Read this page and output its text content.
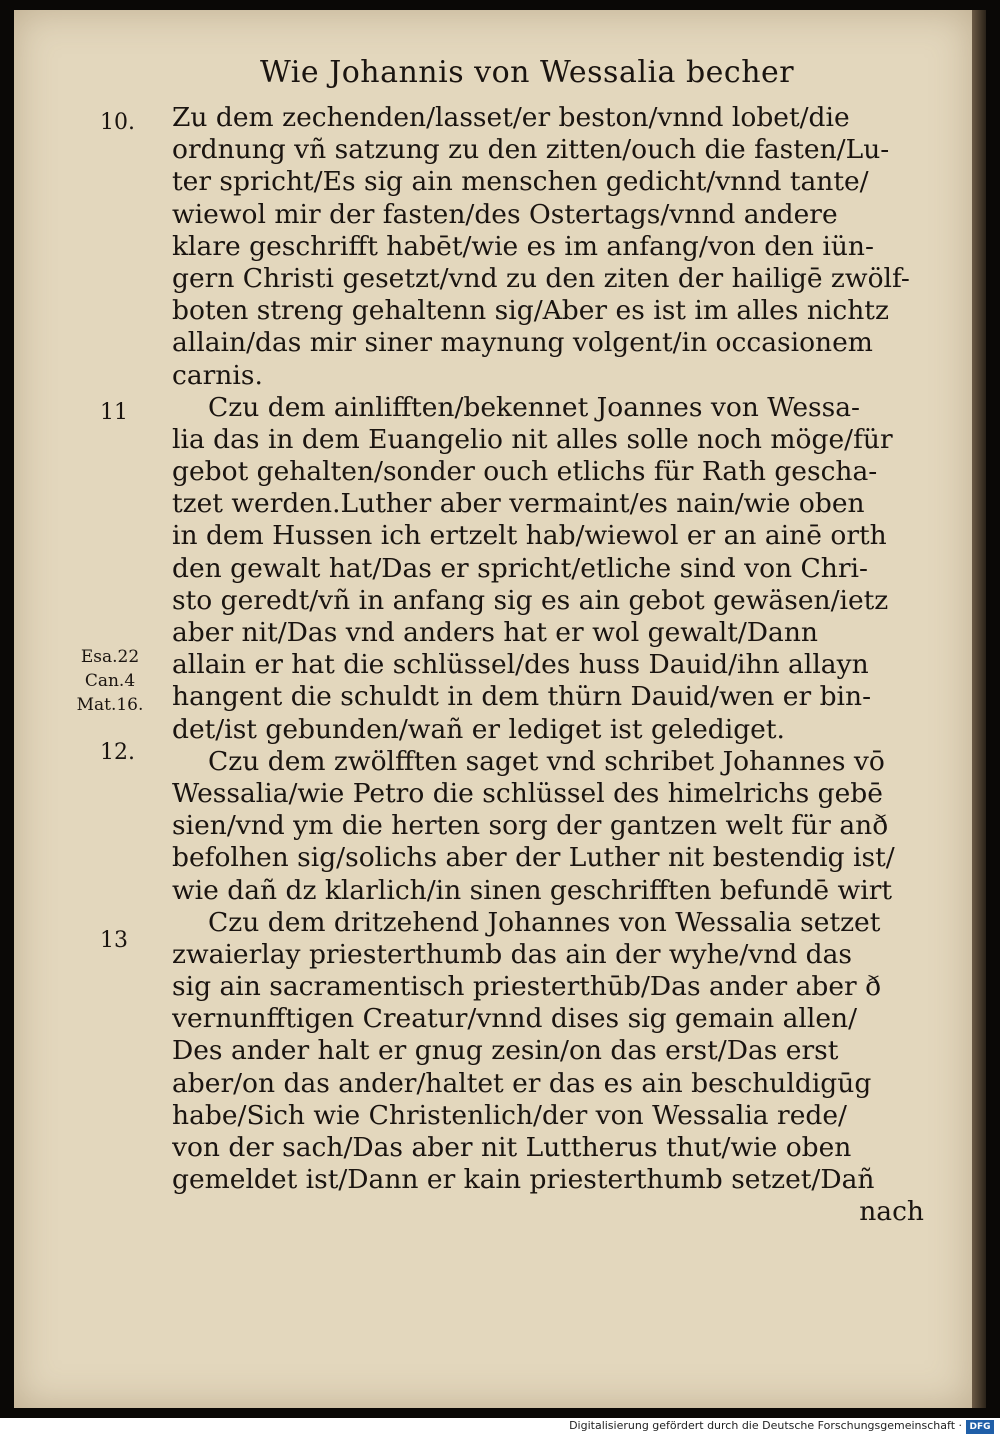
Wie Johannis von Wessalia becher
10.
11
12.
13
Esa.22
Can.4
Mat.16.
Zu dem zechenden/lasset/er beston/vnnd lobet/die
ordnung vñ satzung zu den zitten/ouch die fasten/Lu-
ter spricht/Es sig ain menschen gedicht/vnnd tante/
wiewol mir der fasten/des Ostertags/vnnd andere
klare geschrifft habēt/wie es im anfang/von den iün-
gern Christi gesetzt/vnd zu den ziten der hailigē zwölf-
boten streng gehaltenn sig/Aber es ist im alles nichtz
allain/das mir siner maynung volgent/in occasionem
carnis.
Czu dem ainlifften/bekennet Joannes von Wessa-
lia das in dem Euangelio nit alles solle noch möge/für
gebot gehalten/sonder ouch etlichs für Rath gescha-
tzet werden.Luther aber vermaint/es nain/wie oben
in dem Hussen ich ertzelt hab/wiewol er an ainē orth
den gewalt hat/Das er spricht/etliche sind von Chri-
sto geredt/vñ in anfang sig es ain gebot gewäsen/ietz
aber nit/Das vnd anders hat er wol gewalt/Dann
allain er hat die schlüssel/des huss Dauid/ihn allayn
hangent die schuldt in dem thürn Dauid/wen er bin-
det/ist gebunden/wañ er lediget ist gelediget.
Czu dem zwölfften saget vnd schribet Johannes vō
Wessalia/wie Petro die schlüssel des himelrichs gebē
sien/vnd ym die herten sorg der gantzen welt für anð
befolhen sig/solichs aber der Luther nit bestendig ist/
wie dañ dz klarlich/in sinen geschrifften befundē wirt
Czu dem dritzehend Johannes von Wessalia setzet
zwaierlay priesterthumb das ain der wyhe/vnd das
sig ain sacramentisch priesterthūb/Das ander aber ð
vernunfftigen Creatur/vnnd dises sig gemain allen/
Des ander halt er gnug zesin/on das erst/Das erst
aber/on das ander/haltet er das es ain beschuldigūg
habe/Sich wie Christenlich/der von Wessalia rede/
von der sach/Das aber nit Luttherus thut/wie oben
gemeldet ist/Dann er kain priesterthumb setzet/Dañ
nach
Digitalisierung gefördert durch die Deutsche Forschungsgemeinschaft · DFG
